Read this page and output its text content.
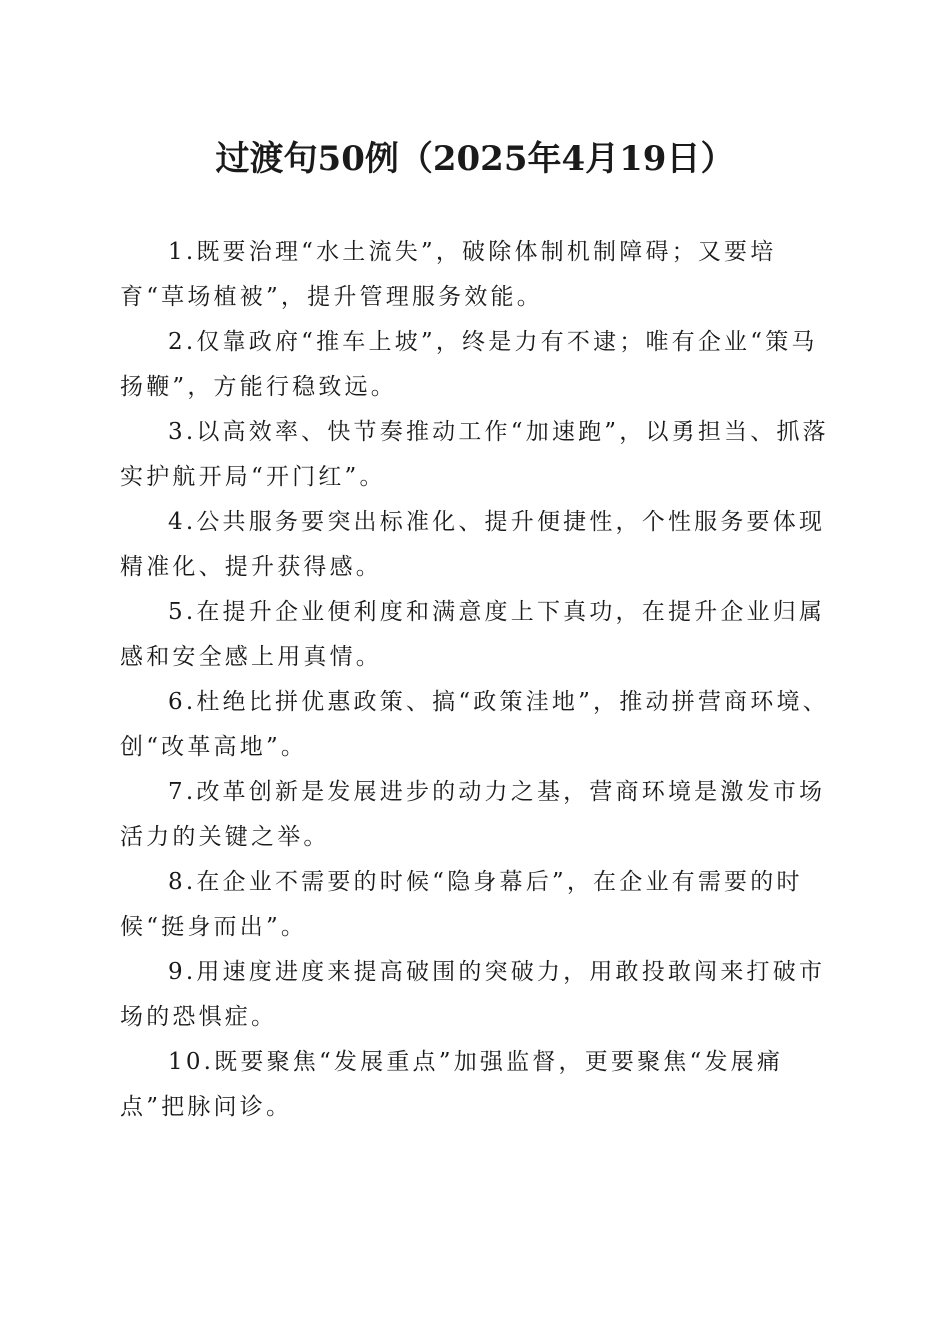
过渡句50例（2025年4月19日）
1.既要治理“水土流失”，破除体制机制障碍；又要培育“草场植被”，提升管理服务效能。
2.仅靠政府“推车上坡”，终是力有不逮；唯有企业“策马扬鞭”，方能行稳致远。
3.以高效率、快节奏推动工作“加速跑”，以勇担当、抓落实护航开局“开门红”。
4.公共服务要突出标准化、提升便捷性，个性服务要体现精准化、提升获得感。
5.在提升企业便利度和满意度上下真功，在提升企业归属感和安全感上用真情。
6.杜绝比拼优惠政策、搞“政策洼地”，推动拼营商环境、创“改革高地”。
7.改革创新是发展进步的动力之基，营商环境是激发市场活力的关键之举。
8.在企业不需要的时候“隐身幕后”，在企业有需要的时候“挺身而出”。
9.用速度进度来提高破围的突破力，用敢投敢闯来打破市场的恐惧症。
10.既要聚焦“发展重点”加强监督，更要聚焦“发展痛点”把脉问诊。
